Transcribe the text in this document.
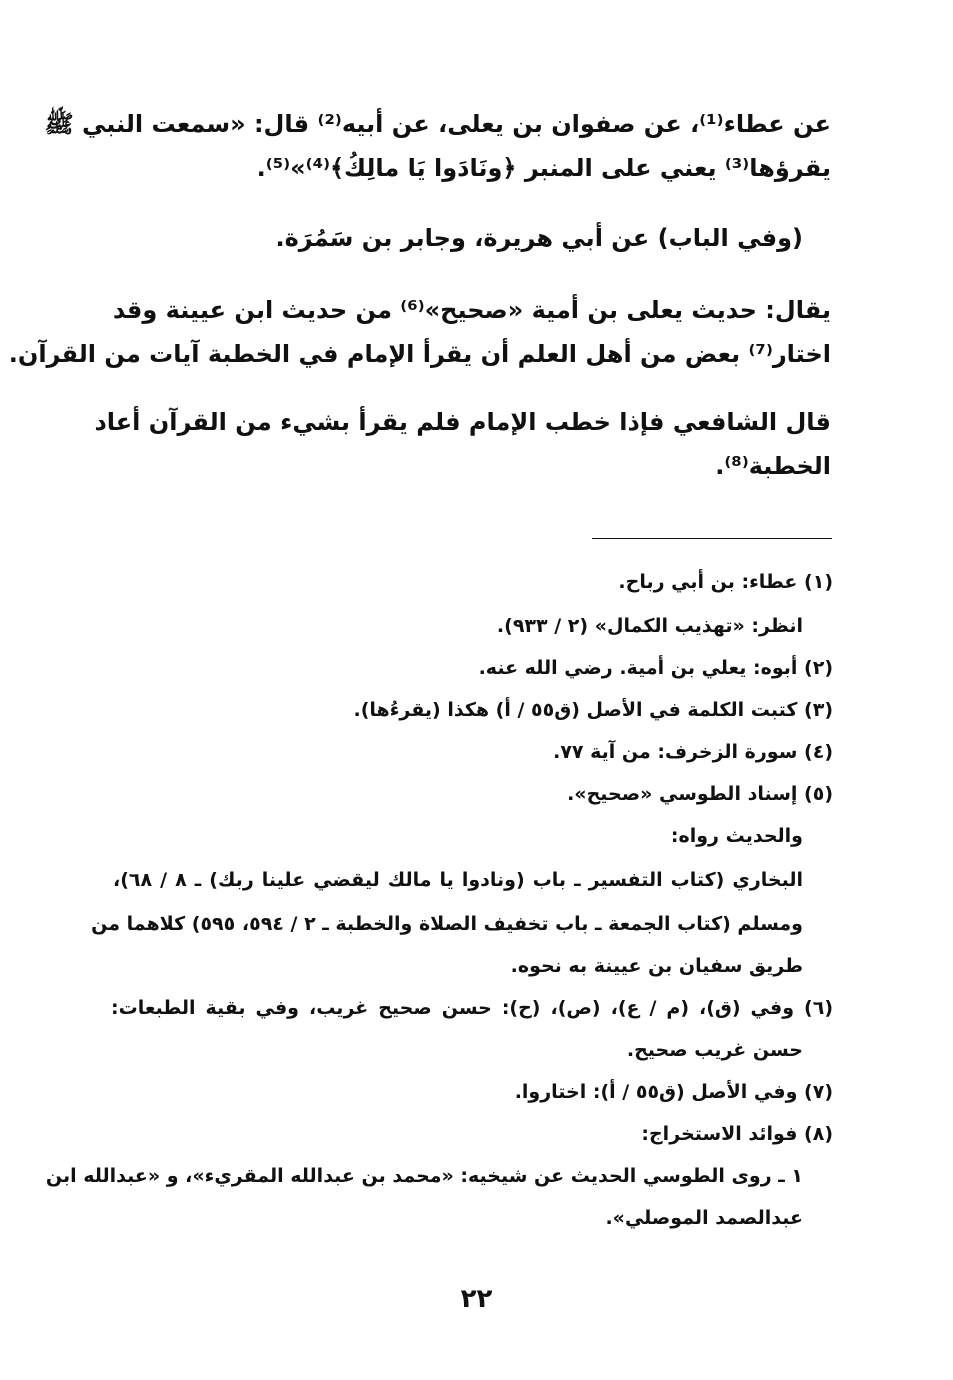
عن عطاء⁽¹⁾، عن صفوان بن يعلى، عن أبيه⁽²⁾ قال: «سمعت النبي ﷺ
يقرؤها⁽³⁾ يعني على المنبر ﴿ونَادَوا يَا مالِكُ﴾⁽⁴⁾»⁽⁵⁾.
(وفي الباب) عن أبي هريرة، وجابر بن سَمُرَة.
يقال: حديث يعلى بن أمية «صحيح»⁽⁶⁾ من حديث ابن عيينة وقد
اختار⁽⁷⁾ بعض من أهل العلم أن يقرأ الإمام في الخطبة آيات من القرآن.
قال الشافعي فإذا خطب الإمام فلم يقرأ بشيء من القرآن أعاد
الخطبة⁽⁸⁾.
(١) عطاء: بن أبي رباح.
انظر: «تهذيب الكمال» (٢ / ٩٣٣).
(٢) أبوه: يعلي بن أمية. رضي الله عنه.
(٣) كتبت الكلمة في الأصل (ق٥٥ / أ) هكذا (يقرءُها).
(٤) سورة الزخرف: من آية ٧٧.
(٥) إسناد الطوسي «صحيح».
والحديث رواه:
البخاري (كتاب التفسير ـ باب (ونادوا يا مالك ليقضي علينا ربك) ـ ٨ / ٦٨)،
ومسلم (كتاب الجمعة ـ باب تخفيف الصلاة والخطبة ـ ٢ / ٥٩٤، ٥٩٥) كلاهما من
طريق سفيان بن عيينة به نحوه.
(٦) وفي (ق)، (م / ع)، (ص)، (ح): حسن صحيح غريب، وفي بقية الطبعات:
حسن غريب صحيح.
(٧) وفي الأصل (ق٥٥ / أ): اختاروا.
(٨) فوائد الاستخراج:
١ ـ روى الطوسي الحديث عن شيخيه: «محمد بن عبدالله المقريء»، و «عبدالله ابن
عبدالصمد الموصلي».
٢٢
